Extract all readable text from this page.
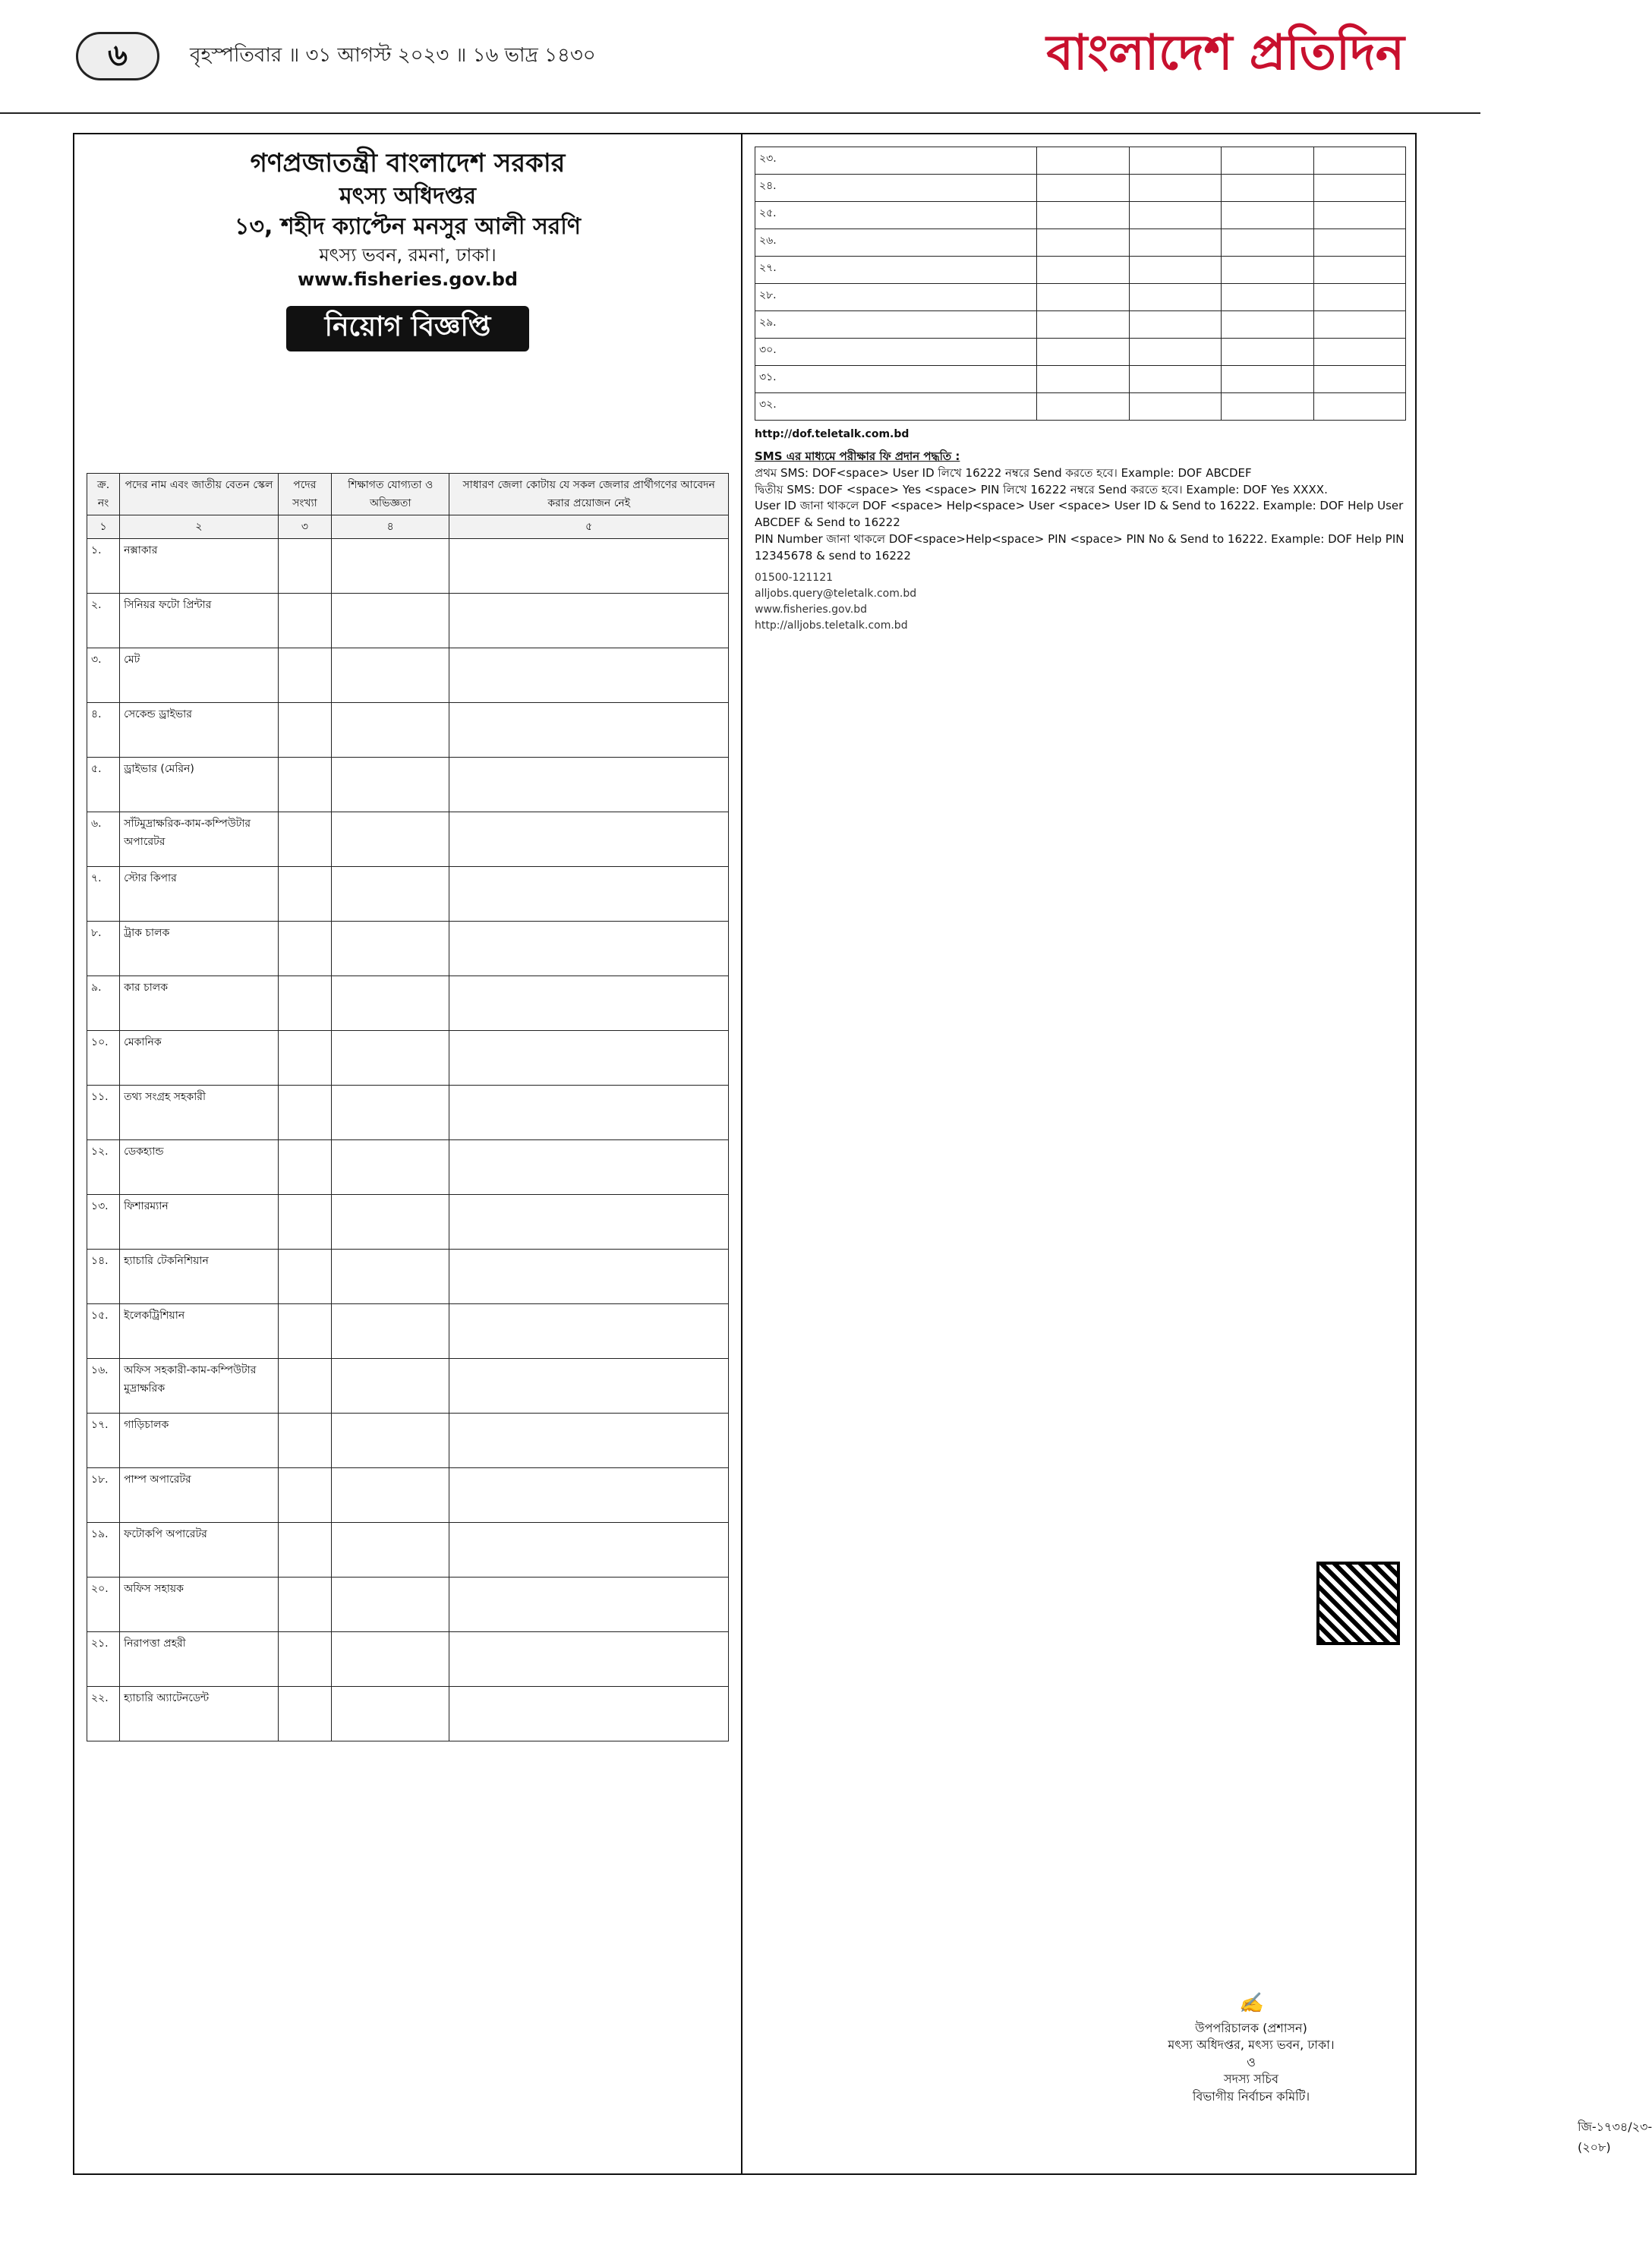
৬	বৃহস্পতিবার ॥ ৩১ আগস্ট ২০২৩ ॥ ১৬ ভাদ্র ১৪৩০	বাংলাদেশ প্রতিদিন
গণপ্রজাতন্ত্রী বাংলাদেশ সরকার
মৎস্য অধিদপ্তর
১৩, শহীদ ক্যাপ্টেন মনসুর আলী সরণি
মৎস্য ভবন, রমনা, ঢাকা।
www.fisheries.gov.bd
নিয়োগ বিজ্ঞপ্তি
ক্র. নং	পদের নাম এবং জাতীয় বেতন স্কেল	পদের সংখ্যা	শিক্ষাগত যোগ্যতা ও অভিজ্ঞতা	সাধারণ জেলা কোটায় যে সকল জেলার প্রার্থীগণের আবেদন করার প্রয়োজন নেই
১	২	৩	৪	৫
১.	নক্সাকার			
২.	সিনিয়র ফটো প্রিন্টার			
৩.	মেট			
৪.	সেকেন্ড ড্রাইভার			
৫.	ড্রাইভার (মেরিন)			
৬.	সাঁটমুদ্রাক্ষরিক-কাম-কম্পিউটার অপারেটর			
৭.	স্টোর কিপার			
৮.	ট্রাক চালক			
৯.	কার চালক			
১০.	মেকানিক			
১১.	তথ্য সংগ্রহ সহকারী			
১২.	ডেকহ্যান্ড			
১৩.	ফিশারম্যান			
১৪.	হ্যাচারি টেকনিশিয়ান			
১৫.	ইলেকট্রিশিয়ান			
১৬.	অফিস সহকারী-কাম-কম্পিউটার মুদ্রাক্ষরিক			
১৭.	গাড়িচালক			
১৮.	পাম্প অপারেটর			
১৯.	ফটোকপি অপারেটর			
২০.	অফিস সহায়ক			
২১.	নিরাপত্তা প্রহরী			
২২.	হ্যাচারি অ্যাটেনডেন্ট			
২৩.				
২৪.				
২৫.				
২৬.				
২৭.				
২৮.				
২৯.				
৩০.				
৩১.				
৩২.				
http://dof.teletalk.com.bd
SMS এর মাধ্যমে পরীক্ষার ফি প্রদান পদ্ধতি :
প্রথম SMS: DOF<space> User ID লিখে 16222 নম্বরে Send করতে হবে। Example: DOF ABCDEF
দ্বিতীয় SMS: DOF <space> Yes <space> PIN লিখে 16222 নম্বরে Send করতে হবে। Example: DOF Yes XXXX.
User ID জানা থাকলে DOF <space> Help<space> User <space> User ID & Send to 16222. Example: DOF Help User ABCDEF & Send to 16222
PIN Number জানা থাকলে DOF<space>Help<space> PIN <space> PIN No & Send to 16222. Example: DOF Help PIN 12345678 & send to 16222
01500-121121
alljobs.query@teletalk.com.bd
www.fisheries.gov.bd
http://alljobs.teletalk.com.bd
✍
উপপরিচালক (প্রশাসন)
মৎস্য অধিদপ্তর, মৎস্য ভবন, ঢাকা।
ও
সদস্য সচিব
বিভাগীয় নির্বাচন কমিটি।
জি-১৭৩৪/২৩-(২০৮)
